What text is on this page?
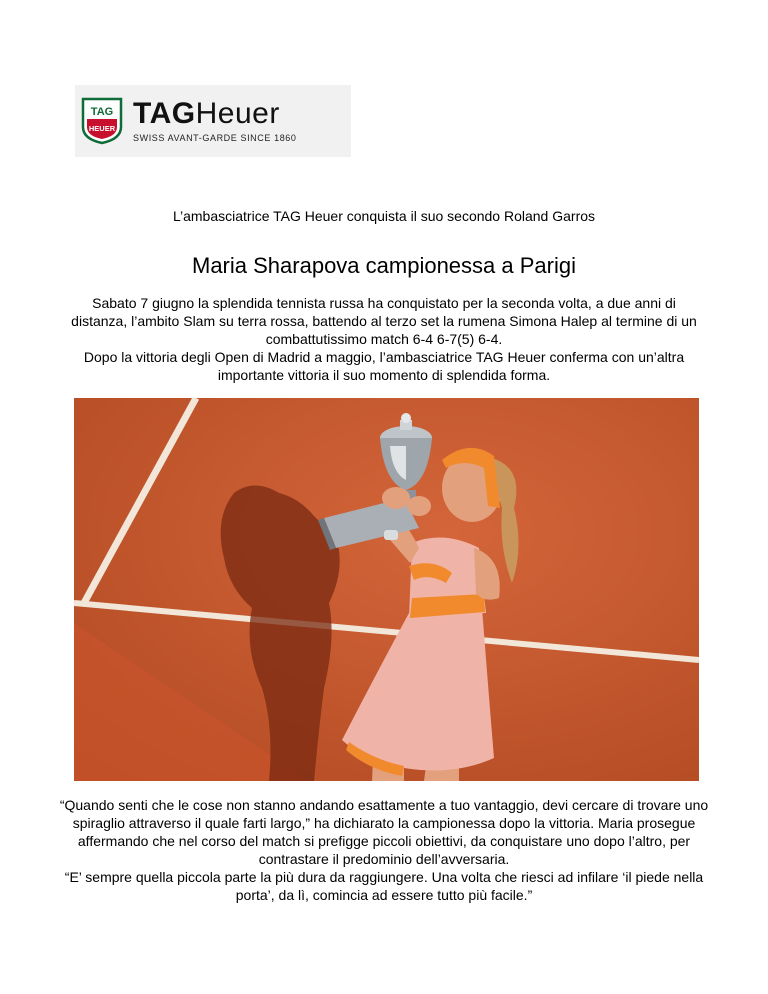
TAG
HEUER TAGHeuer
SWISS AVANT-GARDE SINCE 1860
L’ambasciatrice TAG Heuer conquista il suo secondo Roland Garros
Maria Sharapova campionessa a Parigi

Sabato 7 giugno la splendida tennista russa ha conquistato per la seconda volta, a due anni di distanza, l’ambito Slam su terra rossa, battendo al terzo set la rumena Simona Halep al termine di un combattutissimo match 6-4 6-7(5) 6-4.

Dopo la vittoria degli Open di Madrid a maggio, l’ambasciatrice TAG Heuer conferma con un’altra importante vittoria il suo momento di splendida forma.

“Quando senti che le cose non stanno andando esattamente a tuo vantaggio, devi cercare di trovare uno spiraglio attraverso il quale farti largo,” ha dichiarato la campionessa dopo la vittoria. Maria prosegue affermando che nel corso del match si prefigge piccoli obiettivi, da conquistare uno dopo l’altro, per contrastare il predominio dell’avversaria.

“E’ sempre quella piccola parte la più dura da raggiungere. Una volta che riesci ad infilare ‘il piede nella porta’, da lì, comincia ad essere tutto più facile.”
